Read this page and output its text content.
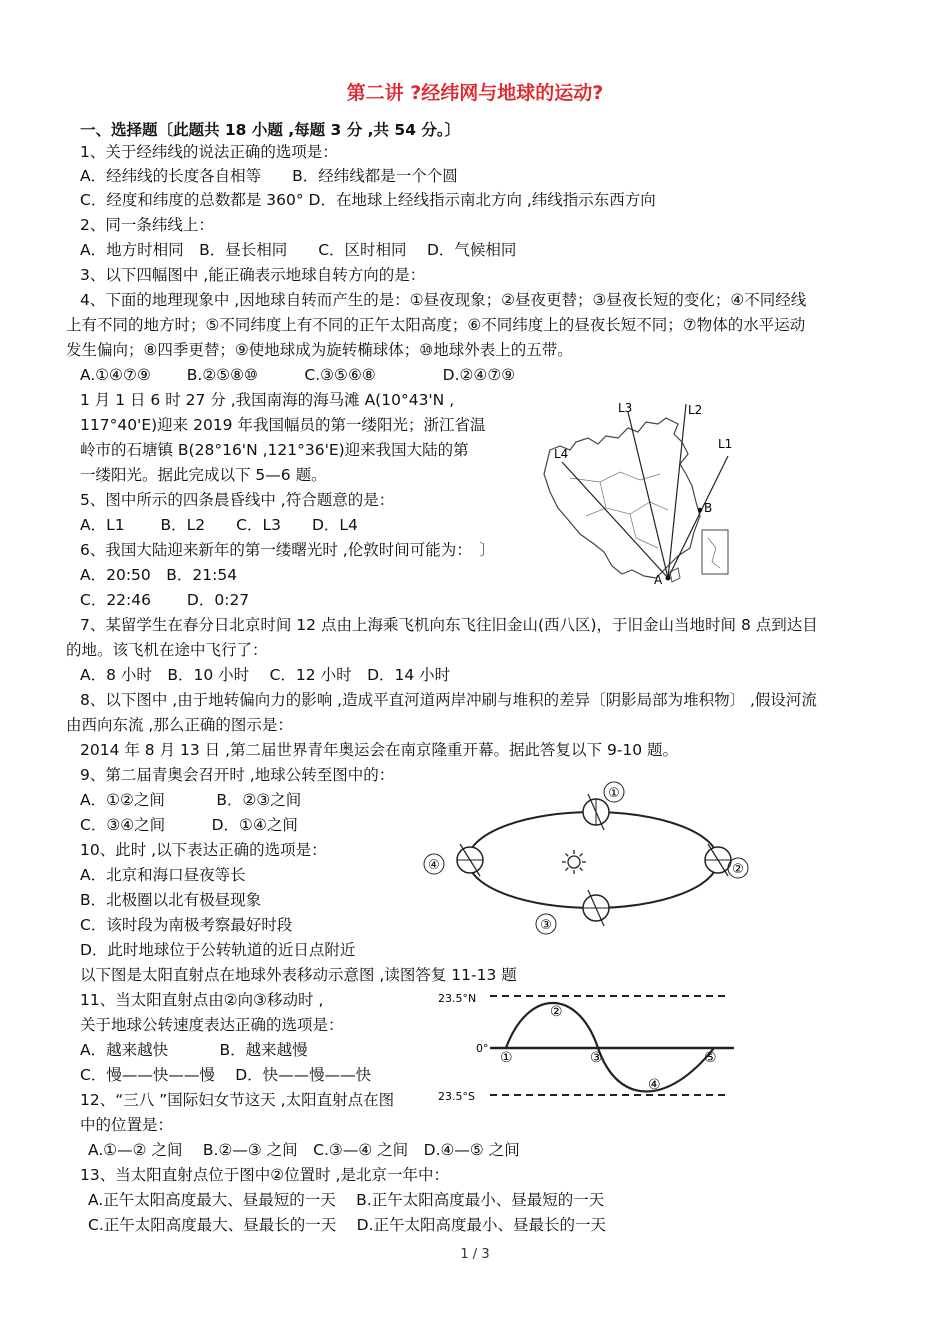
第二讲 ?经纬网与地球的运动?
一、选择题〔此题共 18 小题 ,每题 3 分 ,共 54 分。〕
1、关于经纬线的说法正确的选项是：
A．经纬线的长度各自相等　　B．经纬线都是一个个圆
C．经度和纬度的总数都是 360° D．在地球上经线指示南北方向 ,纬线指示东西方向
2、同一条纬线上：
A．地方时相同　B．昼长相同　　C．区时相同　 D．气候相同
3、以下四幅图中 ,能正确表示地球自转方向的是：
4、下面的地理现象中 ,因地球自转而产生的是：①昼夜现象；②昼夜更替；③昼夜长短的变化；④不同经线
上有不同的地方时；⑤不同纬度上有不同的正午太阳高度；⑥不同纬度上的昼夜长短不同；⑦物体的水平运动
发生偏向；⑧四季更替；⑨使地球成为旋转椭球体；⑩地球外表上的五带。
A.①④⑦⑨　　 B.②⑤⑧⑩　　　C.③⑤⑥⑧　　　　 D.②④⑦⑨
1 月 1 日 6 时 27 分 ,我国南海的海马滩 A(10°43'N ,
117°40'E)迎来 2019 年我国幅员的第一缕阳光；浙江省温
岭市的石塘镇 B(28°16'N ,121°36'E)迎来我国大陆的第
一缕阳光。据此完成以下 5—6 题。
5、图中所示的四条晨昏线中 ,符合题意的是：
A．L1　　 B．L2　　C．L3　　D．L4
6、我国大陆迎来新年的第一缕曙光时 ,伦敦时间可能为：　〕
A．20:50　B．21:54
C．22:46　　 D．0:27
7、某留学生在春分日北京时间 12 点由上海乘飞机向东飞往旧金山(西八区)，于旧金山当地时间 8 点到达目
的地。该飞机在途中飞行了：
A．8 小时　B．10 小时　 C．12 小时　D．14 小时
8、以下图中 ,由于地转偏向力的影响 ,造成平直河道两岸冲刷与堆积的差异〔阴影局部为堆积物〕 ,假设河流
由西向东流 ,那么正确的图示是：
2014 年 8 月 13 日 ,第二届世界青年奥运会在南京隆重开幕。据此答复以下 9-10 题。
9、第二届青奥会召开时 ,地球公转至图中的：
A．①②之间　　　 B．②③之间
C．③④之间　　　D．①④之间
10、此时 ,以下表达正确的选项是：
A．北京和海口昼夜等长
B．北极圈以北有极昼现象
C．该时段为南极考察最好时段
D．此时地球位于公转轨道的近日点附近
以下图是太阳直射点在地球外表移动示意图 ,读图答复 11-13 题
11、当太阳直射点由②向③移动时 ,
关于地球公转速度表达正确的选项是：
A．越来越快　　　 B．越来越慢
C．慢——快——慢　 D．快——慢——快
12、“三八 ”国际妇女节这天 ,太阳直射点在图
中的位置是：
A.①—② 之间　 B.②—③ 之间　C.③—④ 之间　D.④—⑤ 之间
13、当太阳直射点位于图中②位置时 ,是北京一年中：
A.正午太阳高度最大、昼最短的一天　 B.正午太阳高度最小、昼最短的一天
C.正午太阳高度最大、昼最长的一天　 D.正午太阳高度最小、昼最长的一天
L4
L3	L2
L1
B
A
①
②
③
④
23.5°N
0°
23.5°S
①
②
③
④
⑤
1 / 3
